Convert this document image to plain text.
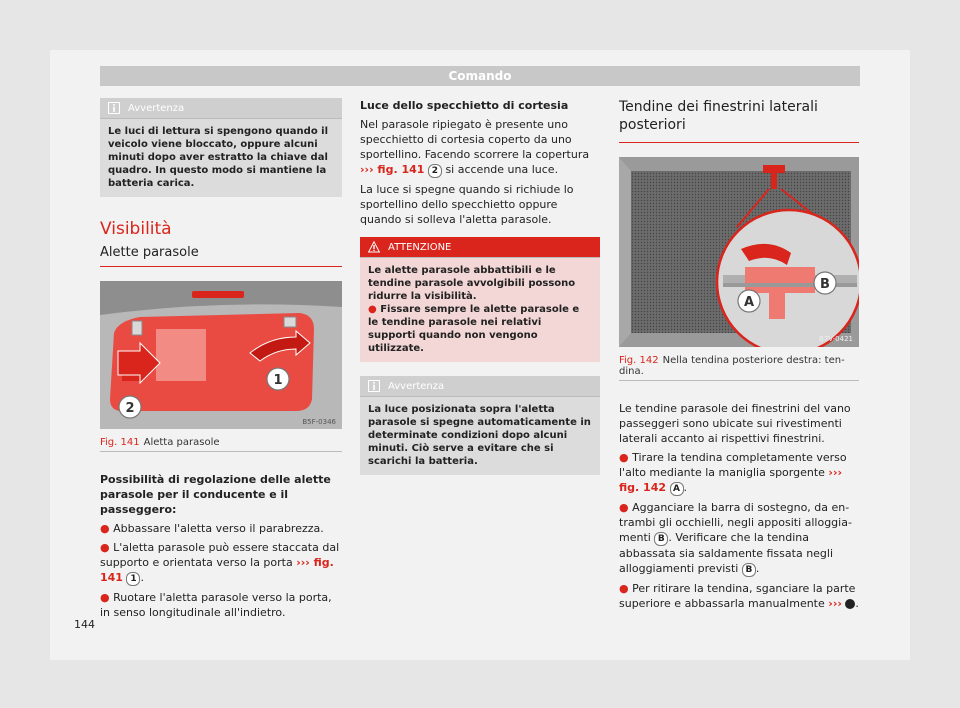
Comando
Avvertenza
Le luci di lettura si spengono quando il veicolo viene bloccato, oppure alcuni minuti dopo aver estratto la chiave dal quadro. In questo modo si mantiene la batteria carica.
Visibilità
Alette parasole
1
2
B5F-0346
Fig. 141 Aletta parasole

Possibilità di regolazione delle alette parasole per il conducente e il passeggero:

● Abbassare l'aletta verso il parabrezza.

● L'aletta parasole può essere staccata dal supporto e orientata verso la porta ››› fig. 141 1 .

● Ruotare l'aletta parasole verso la porta, in senso longitudinale all'indietro.

Luce dello specchietto di cortesia

Nel parasole ripiegato è presente uno specchietto di cortesia coperto da uno sportellino. Facendo scorrere la copertura ››› fig. 141 2 si accende una luce.

La luce si spegne quando si richiude lo sportellino dello specchietto oppure quando si solleva l'aletta parasole.

ATTENZIONE
Le alette parasole abbattibili e le tendine parasole avvolgibili possono ridurre la visibilità.
● Fissare sempre le alette parasole e le tendine parasole nei relativi supporti quando non vengono utilizzate.
Avvertenza
La luce posizionata sopra l'aletta parasole si spegne automaticamente in determinate condizioni dopo alcuni minuti. Ciò serve a evitare che si scarichi la batteria.
Tendine dei finestrini laterali posteriori
A
B
B7V-0421
Fig. 142 Nella tendina posteriore destra: tendina.

Le tendine parasole dei finestrini del vano passeggeri sono ubicate sui rivestimenti laterali accanto ai rispettivi finestrini.

● Tirare la tendina completamente verso l'alto mediante la maniglia sporgente ››› fig. 142 A .

● Agganciare la barra di sostegno, da entrambi gli occhielli, negli appositi alloggiamenti B . Verificare che la tendina abbassata sia saldamente fissata negli alloggiamenti previsti B .

● Per ritirare la tendina, sganciare la parte superiore e abbassarla manualmente ››› .

144
